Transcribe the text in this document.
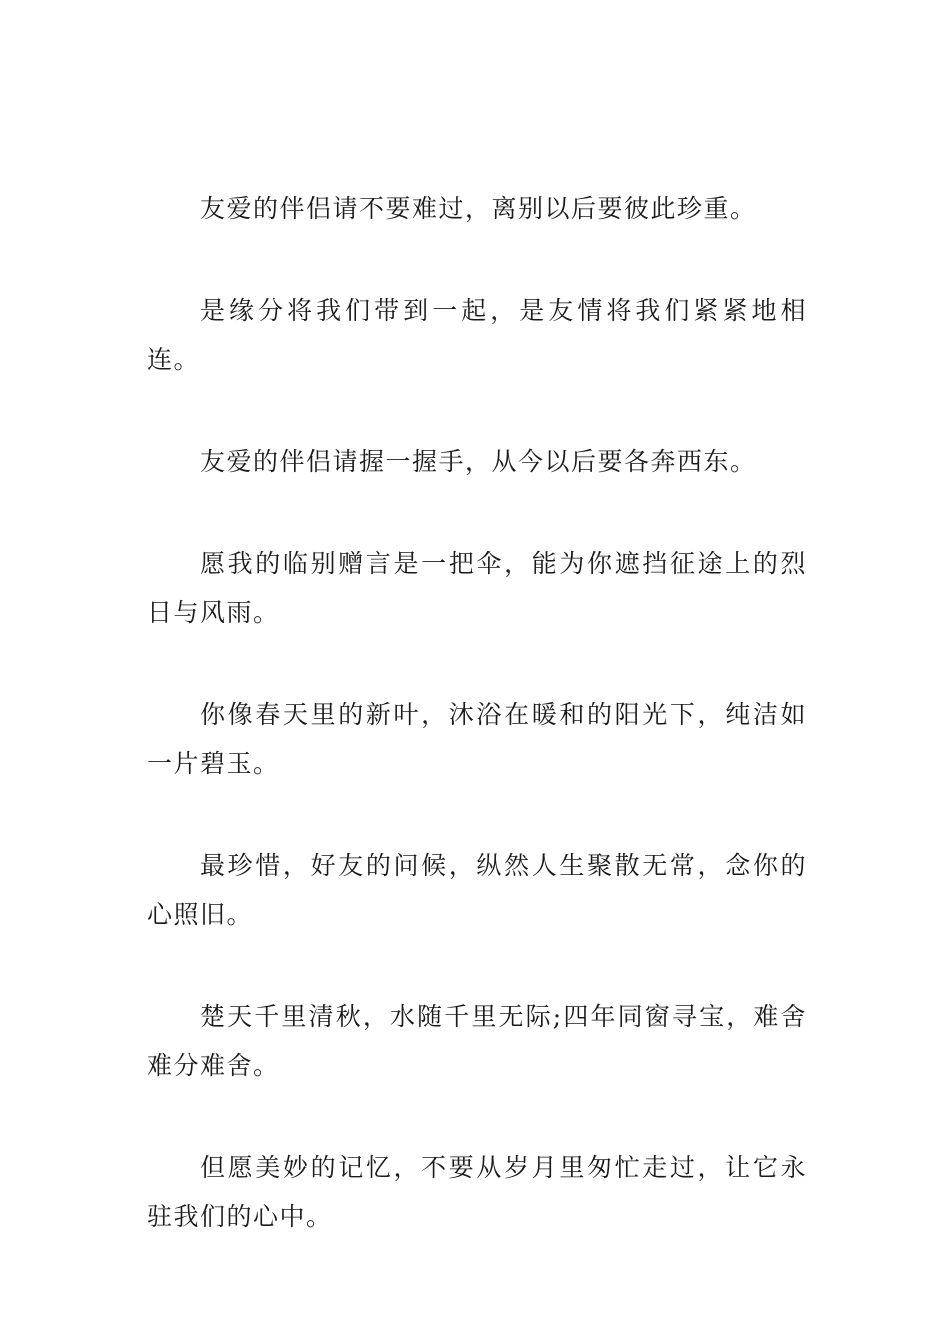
友爱的伴侣请不要难过，离别以后要彼此珍重。

是缘分将我们带到一起，是友情将我们紧紧地相连。

友爱的伴侣请握一握手，从今以后要各奔西东。

愿我的临别赠言是一把伞，能为你遮挡征途上的烈日与风雨。

你像春天里的新叶，沐浴在暖和的阳光下，纯洁如一片碧玉。

最珍惜，好友的问候，纵然人生聚散无常，念你的心照旧。

楚天千里清秋，水随千里无际;四年同窗寻宝，难舍难分难舍。

但愿美妙的记忆，不要从岁月里匆忙走过，让它永驻我们的心中。
